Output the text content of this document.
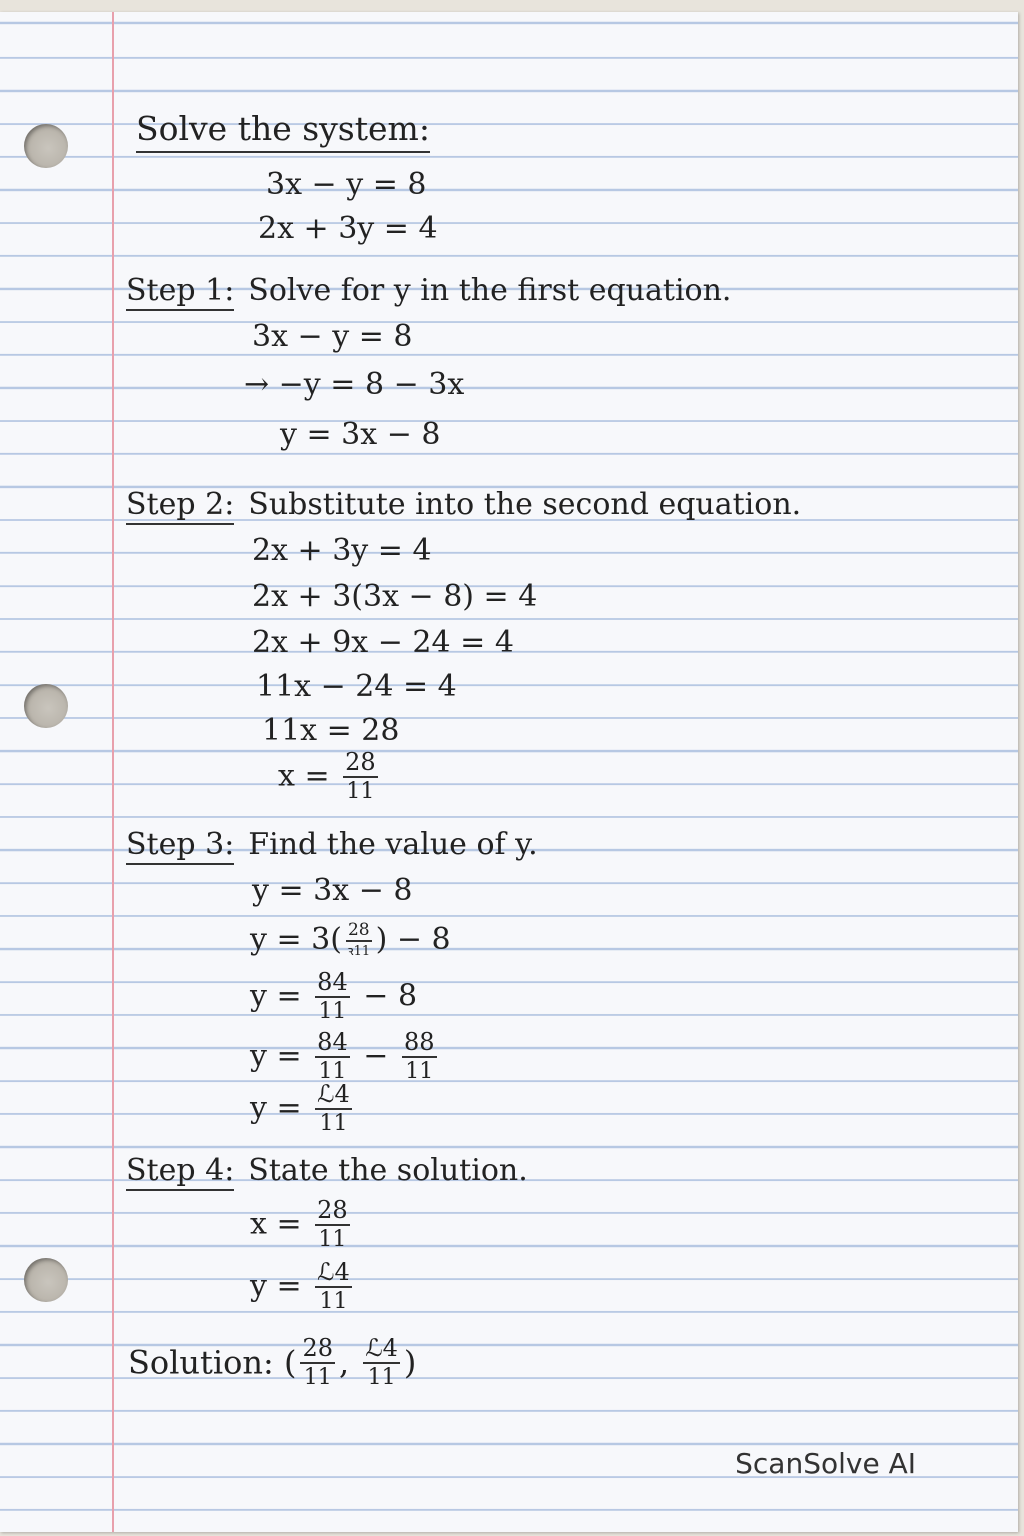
Solve the system:
3x − y = 8
2x + 3y = 4
Step 1: Solve for y in the first equation.
3x − y = 8
→ −y = 8 − 3x
y = 3x − 8
Step 2: Substitute into the second equation.
2x + 3y = 4
2x + 3(3x − 8) = 4
2x + 9x − 24 = 4
11x − 24 = 4
11x = 28
$x = \frac{28}{11}$
Step 3: Find the value of y.
y = 3x − 8
$y = 3( \frac{28}{\text{ꝛ11}}$ ) − 8
$y = \frac{84}{11} - 8$
$y = \frac{84}{11} - \frac{88}{11}$
$y = \frac{\text{ℒ4}}{11}$
Step 4: State the solution.
$x = \frac{28}{11}$
$y = \frac{\text{ℒ4}}{11}$
Solution: ( $\frac{28}{11}$ , $\frac{\text{ℒ4}}{11}$ )
ScanSolve AI
